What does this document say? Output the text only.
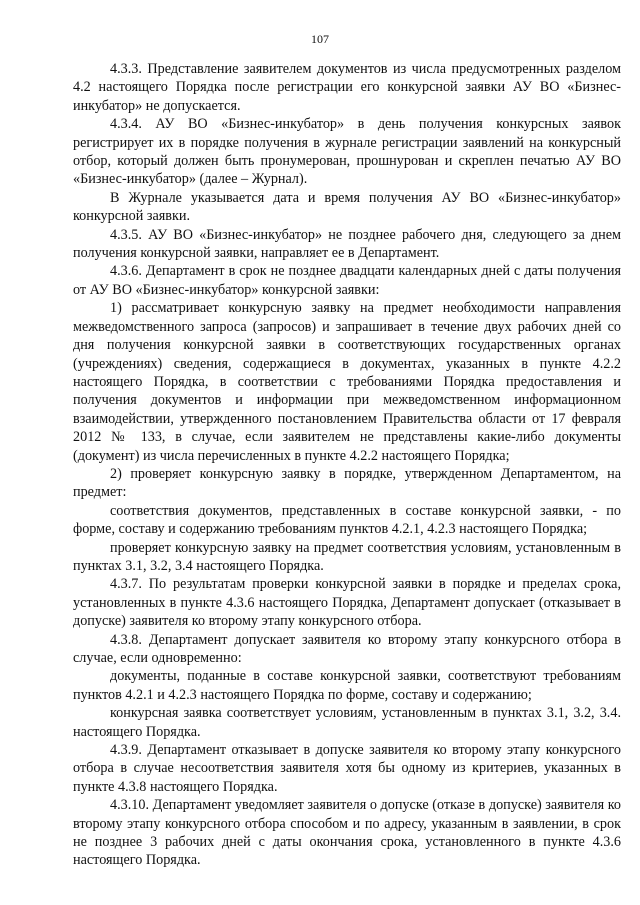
107

4.3.3. Представление заявителем документов из числа предусмотренных разделом 4.2 настоящего Порядка после регистрации его конкурсной заявки АУ ВО «Бизнес-инкубатор» не допускается.

4.3.4. АУ ВО «Бизнес-инкубатор» в день получения конкурсных заявок регистрирует их в порядке получения в журнале регистрации заявлений на конкурсный отбор, который должен быть пронумерован, прошнурован и скреплен печатью АУ ВО «Бизнес-инкубатор» (далее – Журнал).

В Журнале указывается дата и время получения АУ ВО «Бизнес-инкубатор» конкурсной заявки.

4.3.5. АУ ВО «Бизнес-инкубатор» не позднее рабочего дня, следующего за днем получения конкурсной заявки, направляет ее в Департамент.

4.3.6. Департамент в срок не позднее двадцати календарных дней с даты получения от АУ ВО «Бизнес-инкубатор» конкурсной заявки:

1) рассматривает конкурсную заявку на предмет необходимости направления межведомственного запроса (запросов) и запрашивает в течение двух рабочих дней со дня получения конкурсной заявки в соответствующих государственных органах (учреждениях) сведения, содержащиеся в документах, указанных в пункте 4.2.2 настоящего Порядка, в соответствии с требованиями Порядка предоставления и получения документов и информации при межведомственном информационном взаимодействии, утвержденного постановлением Правительства области от 17 февраля 2012 № 133, в случае, если заявителем не представлены какие-либо документы (документ) из числа перечисленных в пункте 4.2.2 настоящего Порядка;

2) проверяет конкурсную заявку в порядке, утвержденном Департаментом, на предмет:

соответствия документов, представленных в составе конкурсной заявки, - по форме, составу и содержанию требованиям пунктов 4.2.1, 4.2.3 настоящего Порядка;

проверяет конкурсную заявку на предмет соответствия условиям, установленным в пунктах 3.1, 3.2, 3.4 настоящего Порядка.

4.3.7. По результатам проверки конкурсной заявки в порядке и пределах срока, установленных в пункте 4.3.6 настоящего Порядка, Департамент допускает (отказывает в допуске) заявителя ко второму этапу конкурсного отбора.

4.3.8. Департамент допускает заявителя ко второму этапу конкурсного отбора в случае, если одновременно:

документы, поданные в составе конкурсной заявки, соответствуют требованиям пунктов 4.2.1 и 4.2.3 настоящего Порядка по форме, составу и содержанию;

конкурсная заявка соответствует условиям, установленным в пунктах 3.1, 3.2, 3.4. настоящего Порядка.

4.3.9. Департамент отказывает в допуске заявителя ко второму этапу конкурсного отбора в случае несоответствия заявителя хотя бы одному из критериев, указанных в пункте 4.3.8 настоящего Порядка.

4.3.10. Департамент уведомляет заявителя о допуске (отказе в допуске) заявителя ко второму этапу конкурсного отбора способом и по адресу, указанным в заявлении, в срок не позднее 3 рабочих дней с даты окончания срока, установленного в пункте 4.3.6 настоящего Порядка.
